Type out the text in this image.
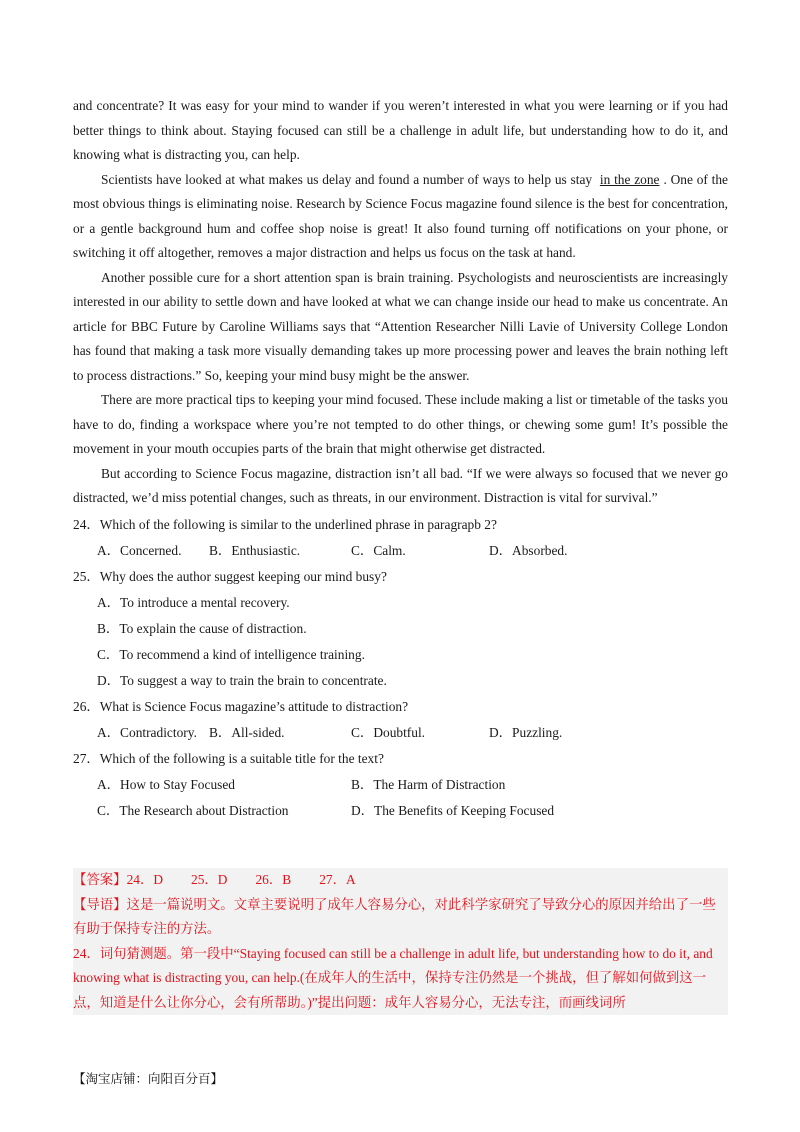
and concentrate? It was easy for your mind to wander if you weren’t interested in what you were learning or if you had better things to think about. Staying focused can still be a challenge in adult life, but understanding how to do it, and knowing what is distracting you, can help.

Scientists have looked at what makes us delay and found a number of ways to help us stay in the zone . One of the most obvious things is eliminating noise. Research by Science Focus magazine found silence is the best for concentration, or a gentle background hum and coffee shop noise is great! It also found turning off notifications on your phone, or switching it off altogether, removes a major distraction and helps us focus on the task at hand.

Another possible cure for a short attention span is brain training. Psychologists and neuroscientists are increasingly interested in our ability to settle down and have looked at what we can change inside our head to make us concentrate. An article for BBC Future by Caroline Williams says that “Attention Researcher Nilli Lavie of University College London has found that making a task more visually demanding takes up more processing power and leaves the brain nothing left to process distractions.” So, keeping your mind busy might be the answer.

There are more practical tips to keeping your mind focused. These include making a list or timetable of the tasks you have to do, finding a workspace where you’re not tempted to do other things, or chewing some gum! It’s possible the movement in your mouth occupies parts of the brain that might otherwise get distracted.

But according to Science Focus magazine, distraction isn’t all bad. “If we were always so focused that we never go distracted, we’d miss potential changes, such as threats, in our environment. Distraction is vital for survival.”

24．Which of the following is similar to the underlined phrase in paragrapb 2?

A．Concerned.	B．Enthusiastic.	C．Calm.	D．Absorbed.

25．Why does the author suggest keeping our mind busy?

A．To introduce a mental recovery.
B．To explain the cause of distraction.
C．To recommend a kind of intelligence training.
D．To suggest a way to train the brain to concentrate.

26．What is Science Focus magazine’s attitude to distraction?

A．Contradictory. B．All-sided.	C．Doubtful.	D．Puzzling.

27．Which of the following is a suitable title for the text?

A．How to Stay Focused	B．The Harm of Distraction
C．The Research about Distraction	D．The Benefits of Keeping Focused
【答案】24．D 25．D 26．B 27．A
【导语】这是一篇说明文。文章主要说明了成年人容易分心，对此科学家研究了导致分心的原因并给出了一些有助于保持专注的方法。
24．词句猜测题。第一段中“Staying focused can still be a challenge in adult life, but understanding how to do it, and knowing what is distracting you, can help.(在成年人的生活中，保持专注仍然是一个挑战，但了解如何做到这一点，知道是什么让你分心，会有所帮助。)”提出问题：成年人容易分心，无法专注，而画线词所
【淘宝店铺：向阳百分百】
